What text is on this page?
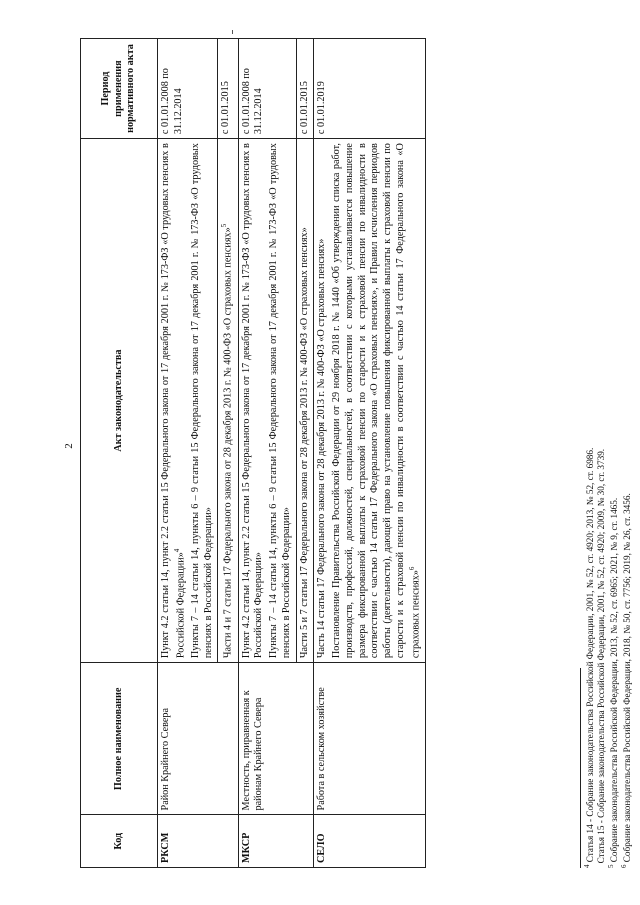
2
Код	Полное наименование	Акт законодательства	Период применения нормативного акта
РКСМ	Район Крайнего Севера	Пункт 4.2 статьи 14, пункт 2.2 статьи 15 Федерального закона от 17 декабря 2001 г. № 173-ФЗ «О трудовых пенсиях в Российской Федерации»$^4$ Пункты 7 – 14 статьи 14, пункты 6 – 9 статьи 15 Федерального закона от 17 декабря 2001 г. № 173-ФЗ «О трудовых пенсиях в Российской Федерации»	с 01.01.2008 по 31.12.2014
		Части 4 и 7 статьи 17 Федерального закона от 28 декабря 2013 г. № 400-ФЗ «О страховых пенсиях»$^5$	с 01.01.2015
МКСР	Местность, приравненная к районам Крайнего Севера	Пункт 4.2 статьи 14, пункт 2.2 статьи 15 Федерального закона от 17 декабря 2001 г. № 173-ФЗ «О трудовых пенсиях в Российской Федерации» Пункты 7 – 14 статьи 14, пункты 6 – 9 статьи 15 Федерального закона от 17 декабря 2001 г. № 173-ФЗ «О трудовых пенсиях в Российской Федерации»	с 01.01.2008 по 31.12.2014
		Части 5 и 7 статьи 17 Федерального закона от 28 декабря 2013 г. № 400-ФЗ «О страховых пенсиях»	с 01.01.2015
СЕЛО	Работа в сельском хозяйстве	Часть 14 статьи 17 Федерального закона от 28 декабря 2013 г. № 400-ФЗ «О страховых пенсиях» Постановление Правительства Российской Федерации от 29 ноября 2018 г. № 1440 «Об утверждении списка работ, производств, профессий, должностей, специальностей, в соответствии с которыми устанавливается повышение размера фиксированной выплаты к страховой пенсии по старости и к страховой пенсии по инвалидности в соответствии с частью 14 статьи 17 Федерального закона «О страховых пенсиях», и Правил исчисления периодов работы (деятельности), дающей право на установление повышения фиксированной выплаты к страховой пенсии по старости и к страховой пенсии по инвалидности в соответствии с частью 14 статьи 17 Федерального закона «О страховых пенсиях»$^6$	с 01.01.2019

$^4$ Статья 14 - Собрание законодательства Российской Федерации, 2001, № 52, ст. 4920; 2013, № 52, ст. 6986. Статья 15 - Собрание законодательства Российской Федерации, 2001, № 52, ст. 4920; 2009, № 30, ст. 3739.

$^5$ Собрание законодательства Российской Федерации, 2013, № 52, ст. 6965; 2021, № 9, ст. 1465.

$^6$ Собрание законодательства Российской Федерации, 2018, № 50, ст. 7756; 2019, № 26, ст. 3456.
